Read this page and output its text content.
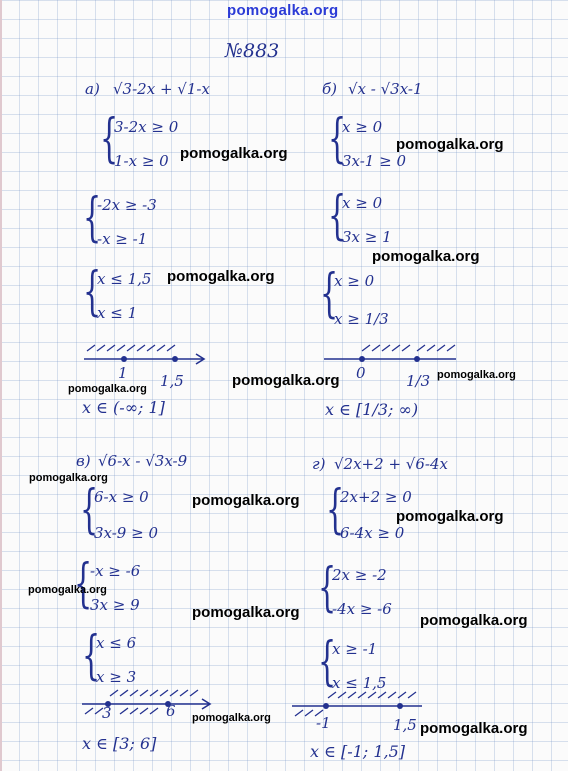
pomogalka.org
№883
а) √3-2x + √1-x
{
3-2x ≥ 0
1-x ≥ 0
{
-2x ≥ -3
-x ≥ -1
{
x ≤ 1,5
x ≤ 1
1 1,5
x ∈ (-∞; 1]
б) √x - √3x-1
{
x ≥ 0
3x-1 ≥ 0
{
x ≥ 0
3x ≥ 1
{
x ≥ 0
x ≥ 1/3
0	1/3
x ∈ [1/3; ∞)
в) √6-x - √3x-9
{
6-x ≥ 0
3x-9 ≥ 0
{
-x ≥ -6
3x ≥ 9
{
x ≤ 6
x ≥ 3
3	6
x ∈ [3; 6]
г) √2x+2 + √6-4x
{
2x+2 ≥ 0
6-4x ≥ 0
{
2x ≥ -2
-4x ≥ -6
{
x ≥ -1
x ≤ 1,5
-1	1,5
x ∈ [-1; 1,5]
pomogalka.org
pomogalka.org
pomogalka.org
pomogalka.org
pomogalka.org	pomogalka.org	pomogalka.org
pomogalka.org
pomogalka.org
pomogalka.org
pomogalka.org
pomogalka.org	pomogalka.org
pomogalka.org
pomogalka.org
